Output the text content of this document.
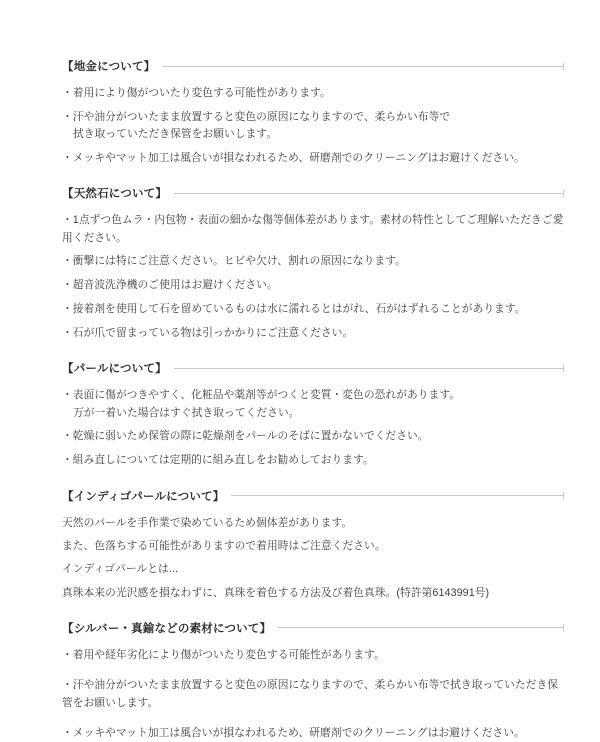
【地金について】
・着用により傷がついたり変色する可能性があります。
・汗や油分がついたまま放置すると変色の原因になりますので、柔らかい布等で
拭き取っていただき保管をお願いします。
・メッキやマット加工は風合いが損なわれるため、研磨剤でのクリーニングはお避けください。
【天然石について】
・1点ずつ色ムラ・内包物・表面の細かな傷等個体差があります。素材の特性としてご理解いただきご愛用ください。
・衝撃には特にご注意ください。ヒビや欠け、割れの原因になります。
・超音波洗浄機のご使用はお避けください。
・接着剤を使用して石を留めているものは水に濡れるとはがれ、石がはずれることがあります。
・石が爪で留まっている物は引っかかりにご注意ください。
【パールについて】
・表面に傷がつきやすく、化粧品や薬剤等がつくと変質・変色の恐れがあります。
万が一着いた場合はすぐ拭き取ってください。
・乾燥に弱いため保管の際に乾燥剤をパールのそばに置かないでください。
・組み直しについては定期的に組み直しをお勧めしております。
【インディゴパールについて】

天然のパールを手作業で染めているため個体差があります。

また、色落ちする可能性がありますので着用時はご注意ください。

インディゴパールとは...

真珠本来の光沢感を損なわずに、真珠を着色する方法及び着色真珠。(特許第6143991号)

【シルバー・真鍮などの素材について】
・着用や経年劣化により傷がついたり変色する可能性があります。
・汗や油分がついたまま放置すると変色の原因になりますので、柔らかい布等で拭き取っていただき保管をお願いします。
・メッキやマット加工は風合いが損なわれるため、研磨剤でのクリーニングはお避けください。
